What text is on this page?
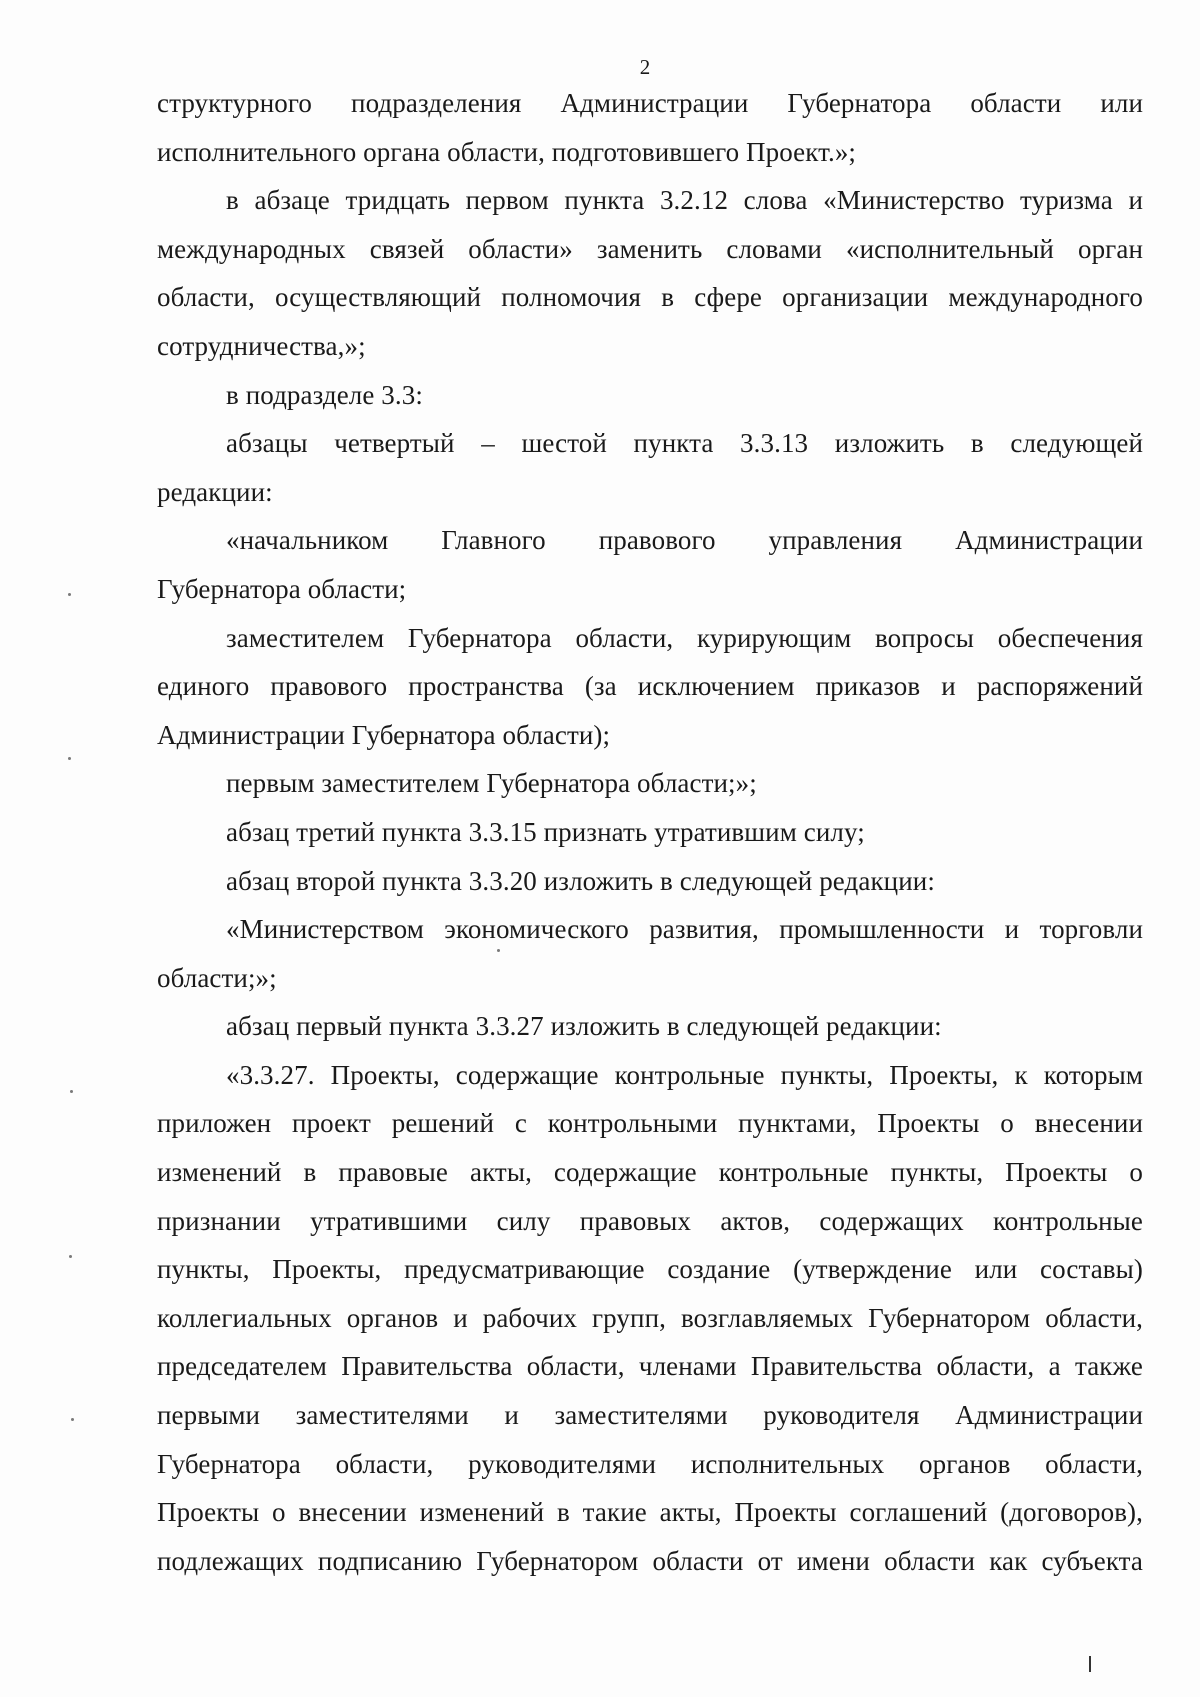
2

структурного подразделения Администрации Губернатора области или

исполнительного органа области, подготовившего Проект.»;

в абзаце тридцать первом пункта 3.2.12 слова «Министерство туризма и

международных связей области» заменить словами «исполнительный орган

области, осуществляющий полномочия в сфере организации международного

сотрудничества,»;

в подразделе 3.3:

абзацы четвертый – шестой пункта 3.3.13 изложить в следующей

редакции:

«начальником Главного правового управления Администрации

Губернатора области;

заместителем Губернатора области, курирующим вопросы обеспечения

единого правового пространства (за исключением приказов и распоряжений

Администрации Губернатора области);

первым заместителем Губернатора области;»;

абзац третий пункта 3.3.15 признать утратившим силу;

абзац второй пункта 3.3.20 изложить в следующей редакции:

«Министерством экономического развития, промышленности и торговли

области;»;

абзац первый пункта 3.3.27 изложить в следующей редакции:

«3.3.27. Проекты, содержащие контрольные пункты, Проекты, к которым

приложен проект решений с контрольными пунктами, Проекты о внесении

изменений в правовые акты, содержащие контрольные пункты, Проекты о

признании утратившими силу правовых актов, содержащих контрольные

пункты, Проекты, предусматривающие создание (утверждение или составы)

коллегиальных органов и рабочих групп, возглавляемых Губернатором области,

председателем Правительства области, членами Правительства области, а также

первыми заместителями и заместителями руководителя Администрации

Губернатора области, руководителями исполнительных органов области,

Проекты о внесении изменений в такие акты, Проекты соглашений (договоров),

подлежащих подписанию Губернатором области от имени области как субъекта
